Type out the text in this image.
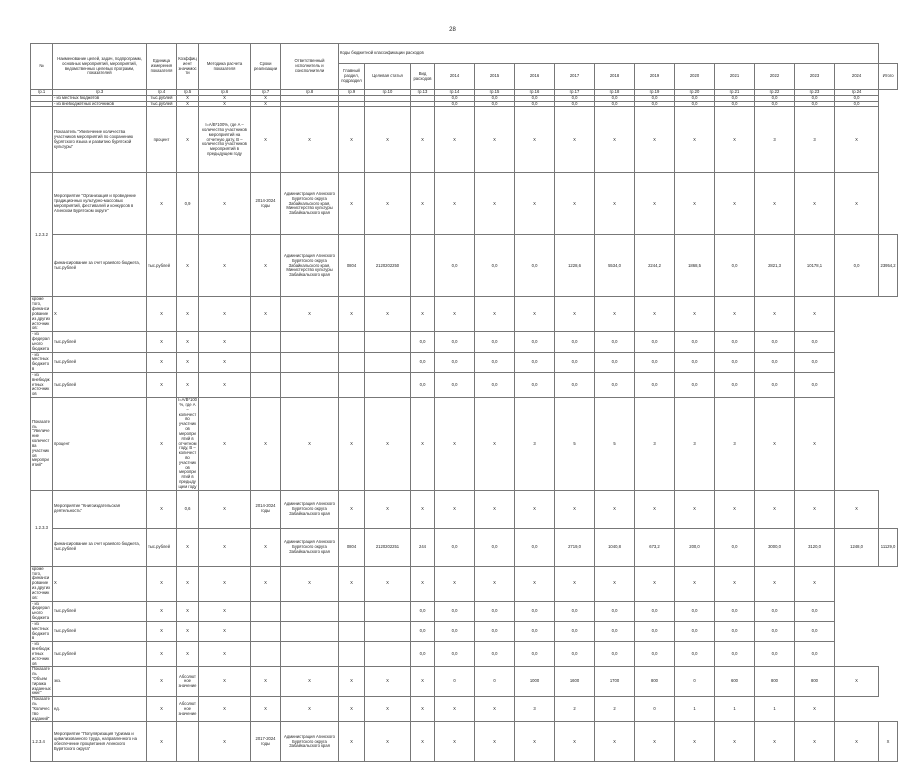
28
№	Наименование целей, задач, подпрограмм, основных мероприятий, мероприятий, ведомственных целевых программ, показателей	Единица измерения показателя	Коэффициент значимости	Методика расчета показателя	Сроки реализации	Ответственный исполнитель и соисполнители	Коды бюджетной классификации расходов														
							Главный раздел, подраздел	Целевая статья	Вид расходов	2014	2015	2016	2017	2018	2019	2020	2021	2022	2023	2024	Итого
гр.1	гр.3	гр.4	гр.5	гр.6	гр.7	гр.8	гр.9	гр.10	гр.13	гр.14	гр.15	гр.16	гр.17	гр.18	гр.19	гр.20	гр.21	гр.22	гр.23	гр.24	
	- из местных бюджетов	тыс.рублей	Х	Х	Х					0,0	0,0	0,0	0,0	0,0	0,0	0,0	0,0	0,0	0,0	0,0	
	- из внебюджетных источников	тыс.рублей	Х	Х	Х					0,0	0,0	0,0	0,0	0,0	0,0	0,0	0,0	0,0	0,0	0,0	
	Показатель "Увеличение количества участников мероприятий по сохранению бурятского языка и развитию бурятской культуры"	процент	Х	I=A/B*100%, где A – количество участников мероприятий на отчетную дату, B – количество участников мероприятий в предыдущем году	Х	Х	Х	Х	Х	Х	Х	Х	Х	Х	Х	Х	Х	3	3	Х	
1.2.3.2	Мероприятие "Организация и проведение традиционных культурно-массовых мероприятий, фестивалей и конкурсов в Агинском Бурятском округе"	Х	0,9	Х	2014-2024 годы	Администрация Агинского Бурятского округа Забайкальского края, Министерство культуры Забайкальского края	Х	Х	Х	Х	Х	Х	Х	Х	Х	Х	Х	Х	Х	Х	
	финансирование за счет краевого бюджета, тыс.рублей	тыс.рублей	Х	Х	Х	Администрация Агинского Бурятского округа Забайкальского края, Министерство культуры Забайкальского края	0804	2120202250		0,0	0,0	0,0	1228,6	5534,0	2244,2	1868,5	0,0	2821,3	10178,1	0,0	23954,2
кроме того, финансирование из других источников:	Х	Х	Х	Х	Х	Х	Х	Х	Х	Х	Х	Х	Х	Х	Х	Х	Х	Х	Х		
- из федерального бюджета	тыс.рублей	Х	Х	Х					0,0	0,0	0,0	0,0	0,0	0,0	0,0	0,0	0,0	0,0	0,0		
- из местных бюджетов	тыс.рублей	Х	Х	Х					0,0	0,0	0,0	0,0	0,0	0,0	0,0	0,0	0,0	0,0	0,0		
- из внебюджетных источников	тыс.рублей	Х	Х	Х					0,0	0,0	0,0	0,0	0,0	0,0	0,0	0,0	0,0	0,0	0,0		
Показатель "Увеличение количества участников мероприятий"	процент	Х	I=A/B*100%, где A – количество участников мероприятий в отчетном году, B – количество участников мероприятий в предыдущем году	Х	Х	Х	Х	Х	Х	Х	Х	3	5	5	3	3	3	Х	Х		
1.2.3.3	Мероприятие "Книгоиздательская деятельность"	Х	0,6	Х	2014-2024 годы	Администрация Агинского Бурятского округа Забайкальского края	Х	Х	Х	Х	Х	Х	Х	Х	Х	Х	Х	Х	Х	Х	
	финансирование за счет краевого бюджета, тыс.рублей	тыс.рублей	Х	Х	Х	Администрация Агинского Бурятского округа Забайкальского края	0804	2120202251	244	0,0	0,0	0,0	2719,0	1040,8	673,2	200,0	0,0	3000,0	3120,0	1248,0	11129,0
кроме того, финансирование из других источников:	Х	Х	Х	Х	Х	Х	Х	Х	Х	Х	Х	Х	Х	Х	Х	Х	Х	Х	Х		
- из федерального бюджета	тыс.рублей	Х	Х	Х					0,0	0,0	0,0	0,0	0,0	0,0	0,0	0,0	0,0	0,0	0,0		
- из местных бюджетов	тыс.рублей	Х	Х	Х					0,0	0,0	0,0	0,0	0,0	0,0	0,0	0,0	0,0	0,0	0,0		
- из внебюджетных источников	тыс.рублей	Х	Х	Х					0,0	0,0	0,0	0,0	0,0	0,0	0,0	0,0	0,0	0,0	0,0		
Показатель "Объем тиража изданных книг"	экз.	Х	Абсолютное значение	Х	Х	Х	Х	Х	Х	0	0	1000	1600	1700	800	0	600	800	800	Х	
Показатель "Количество изданий"	ед.	Х	Абсолютное значение	Х	Х	Х	Х	Х	Х	Х	Х	3	2	2	0	1	1	1	Х		
1.2.3.4	Мероприятие "Популяризация туризма и цивилизованного труда, направленного на обеспечение процветания Агинского Бурятского округа"	Х		Х	2017-2024 годы	Администрация Агинского Бурятского округа Забайкальского края	Х	Х	Х	Х	Х	Х	Х	Х	Х	Х	Х	Х	Х	Х	Х
